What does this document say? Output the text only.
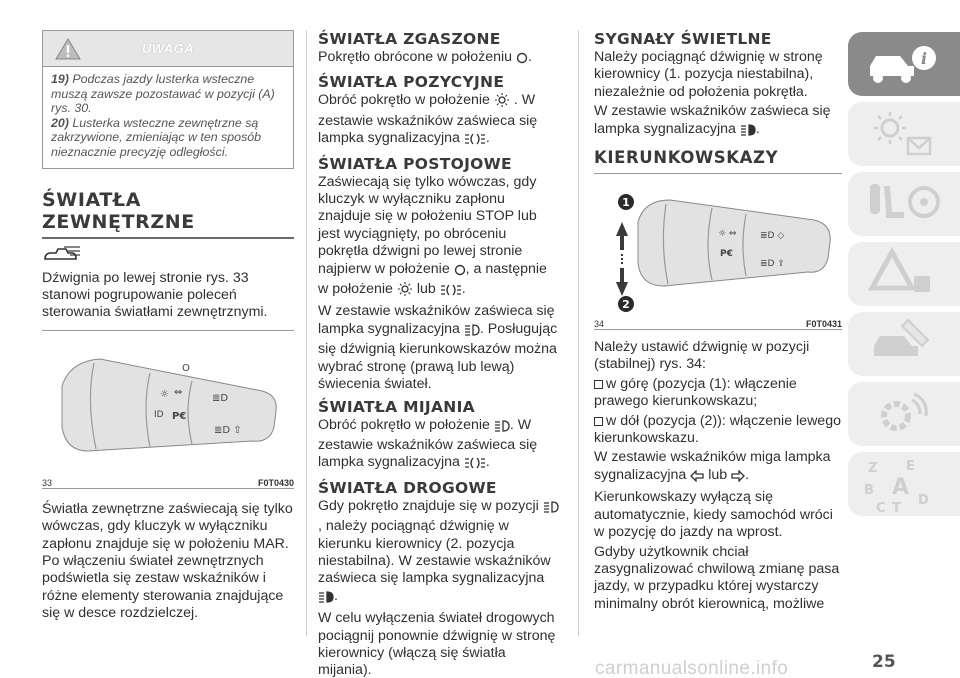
UWAGA
19) Podczas jazdy lusterka wsteczne muszą zawsze pozostawać w pozycji (A) rys. 30.
20) Lusterka wsteczne zewnętrzne są zakrzywione, zmieniając w ten sposób nieznacznie precyzję odległości.
ŚWIATŁA
ZEWNĘTRZNE
Dźwignia po lewej stronie rys. 33 stanowi pogrupowanie poleceń sterowania światłami zewnętrznymi.
☼ ⇔
ID P€
≣D
≣D ⇧
O
33	F0T0430
Światła zewnętrzne zaświecają się tylko wówczas, gdy kluczyk w wyłączniku zapłonu znajduje się w położeniu MAR. Po włączeniu świateł zewnętrznych podświetla się zestaw wskaźników i różne elementy sterowania znajdujące się w desce rozdzielczej.
ŚWIATŁA ZGASZONE
Pokrętło obrócone w położeniu .
ŚWIATŁA POZYCYJNE
Obróć pokrętło w położenie . W zestawie wskaźników zaświeca się lampka sygnalizacyjna .
ŚWIATŁA POSTOJOWE
Zaświecają się tylko wówczas, gdy kluczyk w wyłączniku zapłonu znajduje się w położeniu STOP lub jest wyciągnięty, po obróceniu pokrętła dźwigni po lewej stronie najpierw w położenie , a następnie w położenie lub .
W zestawie wskaźników zaświeca się lampka sygnalizacyjna . Posługując się dźwignią kierunkowskazów można wybrać stronę (prawą lub lewą) świecenia świateł.
ŚWIATŁA MIJANIA
Obróć pokrętło w położenie . W zestawie wskaźników zaświeca się lampka sygnalizacyjna .
ŚWIATŁA DROGOWE
Gdy pokrętło znajduje się w pozycji , należy pociągnąć dźwignię w kierunku kierownicy (2. pozycja niestabilna). W zestawie wskaźników zaświeca się lampka sygnalizacyjna .
W celu wyłączenia świateł drogowych pociągnij ponownie dźwignię w stronę kierownicy (włączą się światła mijania).
SYGNAŁY ŚWIETLNE
Należy pociągnąć dźwignię w stronę kierownicy (1. pozycja niestabilna), niezależnie od położenia pokrętła.
W zestawie wskaźników zaświeca się lampka sygnalizacyjna .
KIERUNKOWSKAZY
☼ ⇔
P€
≣D ◇
≣D ⇧
1
2
34	F0T0431
Należy ustawić dźwignię w pozycji (stabilnej) rys. 34:
w górę (pozycja (1): włączenie prawego kierunkowskazu;
w dół (pozycja (2)): włączenie lewego kierunkowskazu.
W zestawie wskaźników miga lampka sygnalizacyjna lub .
Kierunkowskazy wyłączą się automatycznie, kiedy samochód wróci w pozycję do jazdy na wprost.
Gdyby użytkownik chciał zasygnalizować chwilową zmianę pasa jazdy, w przypadku której wystarczy minimalny obrót kierownicą, możliwe
i
Z E
B A
C T
D
25
carmanualsonline.info
